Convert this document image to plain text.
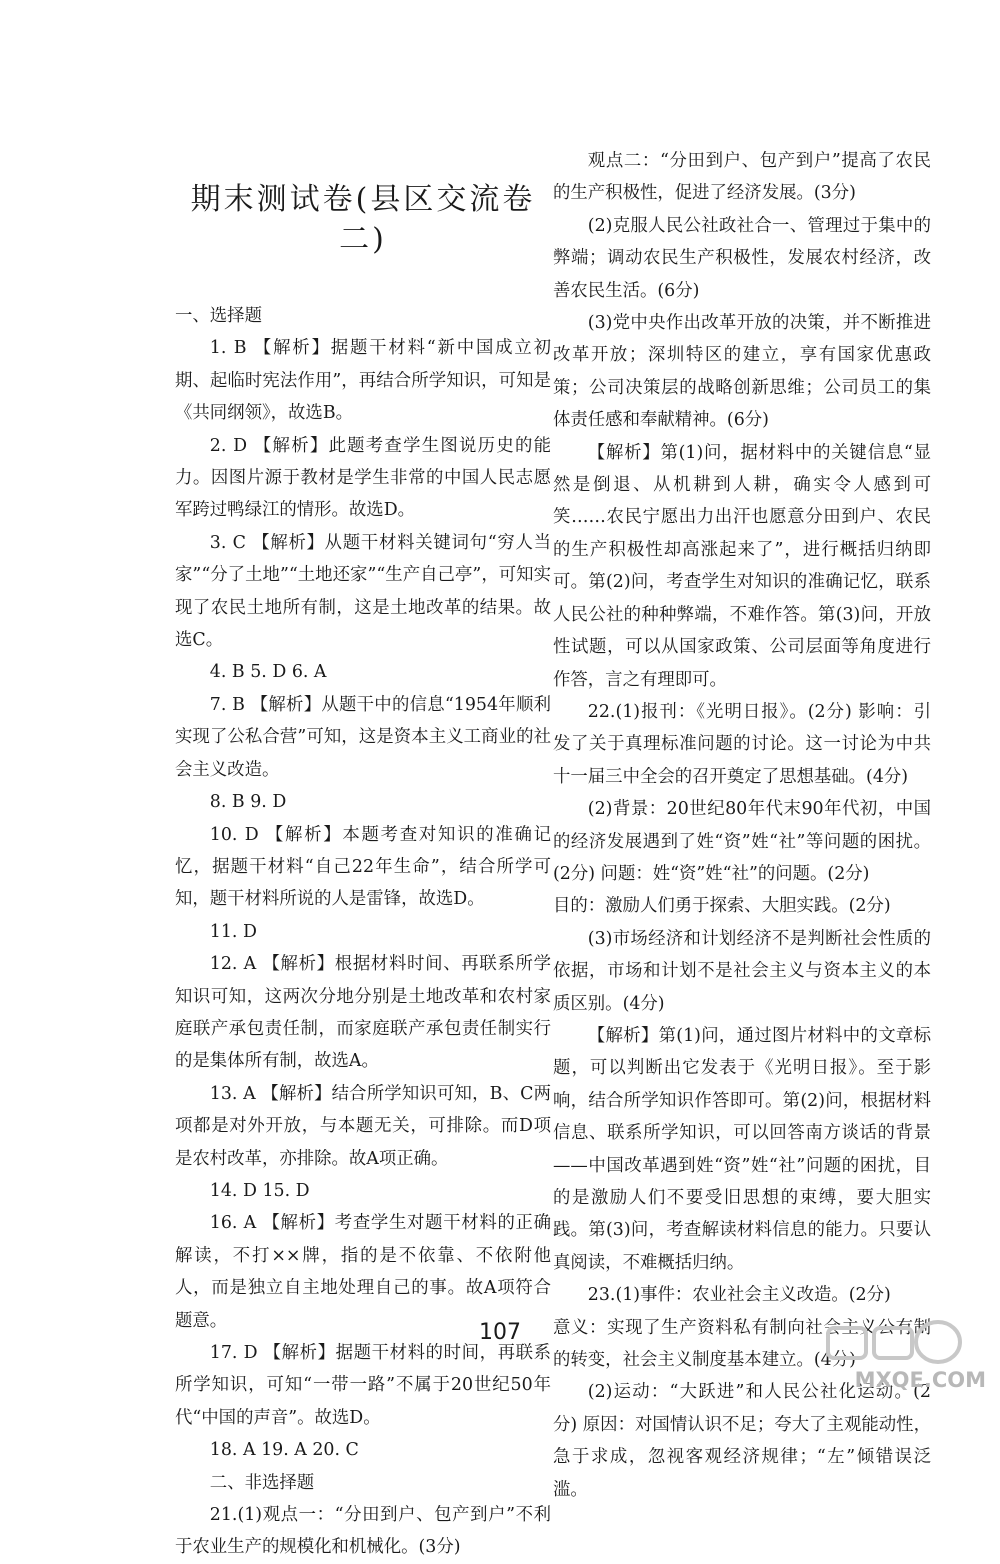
期末测试卷(县区交流卷二)

一、选择题

1. B 【解析】据题干材料“新中国成立初期、起临时宪法作用”，再结合所学知识，可知是《共同纲领》，故选B。

2. D 【解析】此题考查学生图说历史的能力。因图片源于教材是学生非常的中国人民志愿军跨过鸭绿江的情形。故选D。

3. C 【解析】从题干材料关键词句“穷人当家”“分了土地”“土地还家”“生产自己亭”，可知实现了农民土地所有制，这是土地改革的结果。故选C。

4. B 5. D 6. A

7. B 【解析】从题干中的信息“1954年顺利实现了公私合营”可知，这是资本主义工商业的社会主义改造。

8. B 9. D

10. D 【解析】本题考查对知识的准确记忆，据题干材料“自己22年生命”，结合所学可知，题干材料所说的人是雷锋，故选D。

11. D

12. A 【解析】根据材料时间、再联系所学知识可知，这两次分地分别是土地改革和农村家庭联产承包责任制，而家庭联产承包责任制实行的是集体所有制，故选A。

13. A 【解析】结合所学知识可知，B、C两项都是对外开放，与本题无关，可排除。而D项是农村改革，亦排除。故A项正确。

14. D 15. D

16. A 【解析】考查学生对题干材料的正确解读，不打××牌，指的是不依靠、不依附他人，而是独立自主地处理自己的事。故A项符合题意。

17. D 【解析】据题干材料的时间，再联系所学知识，可知“一带一路”不属于20世纪50年代“中国的声音”。故选D。

18. A 19. A 20. C

二、非选择题

21.(1)观点一：“分田到户、包产到户”不利于农业生产的规模化和机械化。(3分)

观点二：“分田到户、包产到户”提高了农民的生产积极性，促进了经济发展。(3分)

(2)克服人民公社政社合一、管理过于集中的弊端；调动农民生产积极性，发展农村经济，改善农民生活。(6分)

(3)党中央作出改革开放的决策，并不断推进改革开放；深圳特区的建立，享有国家优惠政策；公司决策层的战略创新思维；公司员工的集体责任感和奉献精神。(6分)

【解析】第(1)问，据材料中的关键信息“显然是倒退、从机耕到人耕，确实令人感到可笑……农民宁愿出力出汗也愿意分田到户、农民的生产积极性却高涨起来了”，进行概括归纳即可。第(2)问，考查学生对知识的准确记忆，联系人民公社的种种弊端，不难作答。第(3)问，开放性试题，可以从国家政策、公司层面等角度进行作答，言之有理即可。

22.(1)报刊：《光明日报》。(2分) 影响：引发了关于真理标准问题的讨论。这一讨论为中共十一届三中全会的召开奠定了思想基础。(4分)

(2)背景：20世纪80年代末90年代初，中国的经济发展遇到了姓“资”姓“社”等问题的困扰。(2分) 问题：姓“资”姓“社”的问题。(2分)

目的：激励人们勇于探索、大胆实践。(2分)

(3)市场经济和计划经济不是判断社会性质的依据，市场和计划不是社会主义与资本主义的本质区别。(4分)

【解析】第(1)问，通过图片材料中的文章标题，可以判断出它发表于《光明日报》。至于影响，结合所学知识作答即可。第(2)问，根据材料信息、联系所学知识，可以回答南方谈话的背景——中国改革遇到姓“资”姓“社”问题的困扰，目的是激励人们不要受旧思想的束缚，要大胆实践。第(3)问，考查解读材料信息的能力。只要认真阅读，不难概括归纳。

23.(1)事件：农业社会主义改造。(2分)

意义：实现了生产资料私有制向社会主义公有制的转变，社会主义制度基本建立。(4分)

(2)运动：“大跃进”和人民公社化运动。(2分) 原因：对国情认识不足；夸大了主观能动性，急于求成，忽视客观经济规律；“左”倾错误泛滥。

107
MXQE.COM
